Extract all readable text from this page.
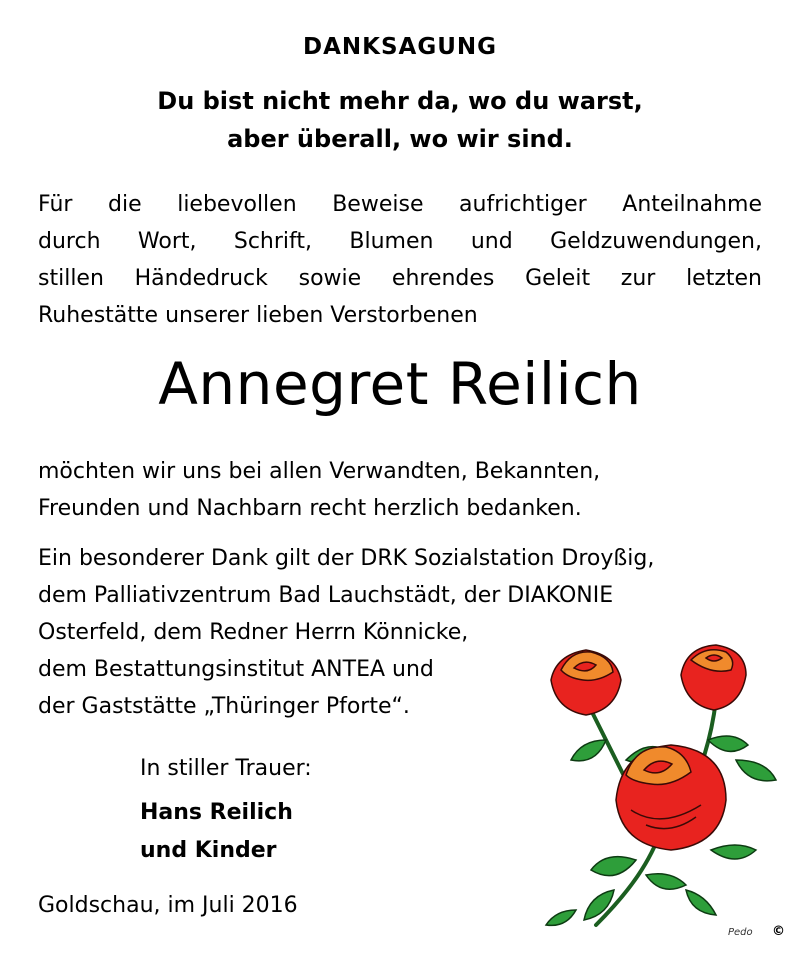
DANKSAGUNG
Du bist nicht mehr da, wo du warst,
aber überall, wo wir sind.
Für die liebevollen Beweise aufrichtiger Anteilnahme
durch Wort, Schrift, Blumen und Geldzuwendungen,
stillen Händedruck sowie ehrendes Geleit zur letzten
Ruhestätte unserer lieben Verstorbenen
Annegret Reilich
möchten wir uns bei allen Verwandten, Bekannten,
Freunden und Nachbarn recht herzlich bedanken.
Ein besonderer Dank gilt der DRK Sozialstation Droyßig,
dem Palliativzentrum Bad Lauchstädt, der DIAKONIE
Osterfeld, dem Redner Herrn Könnicke,
dem Bestattungsinstitut ANTEA und
der Gaststätte „Thüringer Pforte“.
In stiller Trauer:
Hans Reilich
und Kinder
Goldschau, im Juli 2016
Pedo ©
